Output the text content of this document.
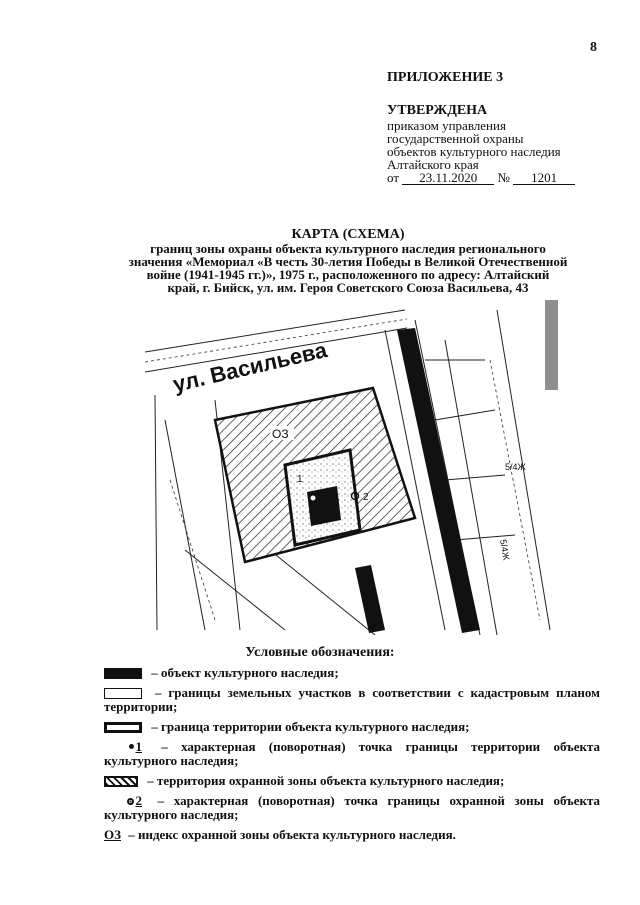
8
ПРИЛОЖЕНИЕ 3
УТВЕРЖДЕНА
приказом управления
государственной охраны
объектов культурного наследия
Алтайского края
от 23.11.2020 № 1201
КАРТА (СХЕМА)
границ зоны охраны объекта культурного наследия регионального
значения «Мемориал «В честь 30-летия Победы в Великой Отечественной
войне (1941-1945 гг.)», 1975 г., расположенного по адресу: Алтайский
край, г. Бийск, ул. им. Героя Советского Союза Васильева, 43
ул. Васильева
ОЗ
1
2
5/4Ж
5/4Ж
Условные обозначения:
– объект культурного наследия;
– границы земельных участков в соответствии с кадастровым планом территории;
– граница территории объекта культурного наследия;
1 – характерная (поворотная) точка границы территории объекта культурного наследия;
– территория охранной зоны объекта культурного наследия;
2 – характерная (поворотная) точка границы охранной зоны объекта культурного наследия;
ОЗ – индекс охранной зоны объекта культурного наследия.
